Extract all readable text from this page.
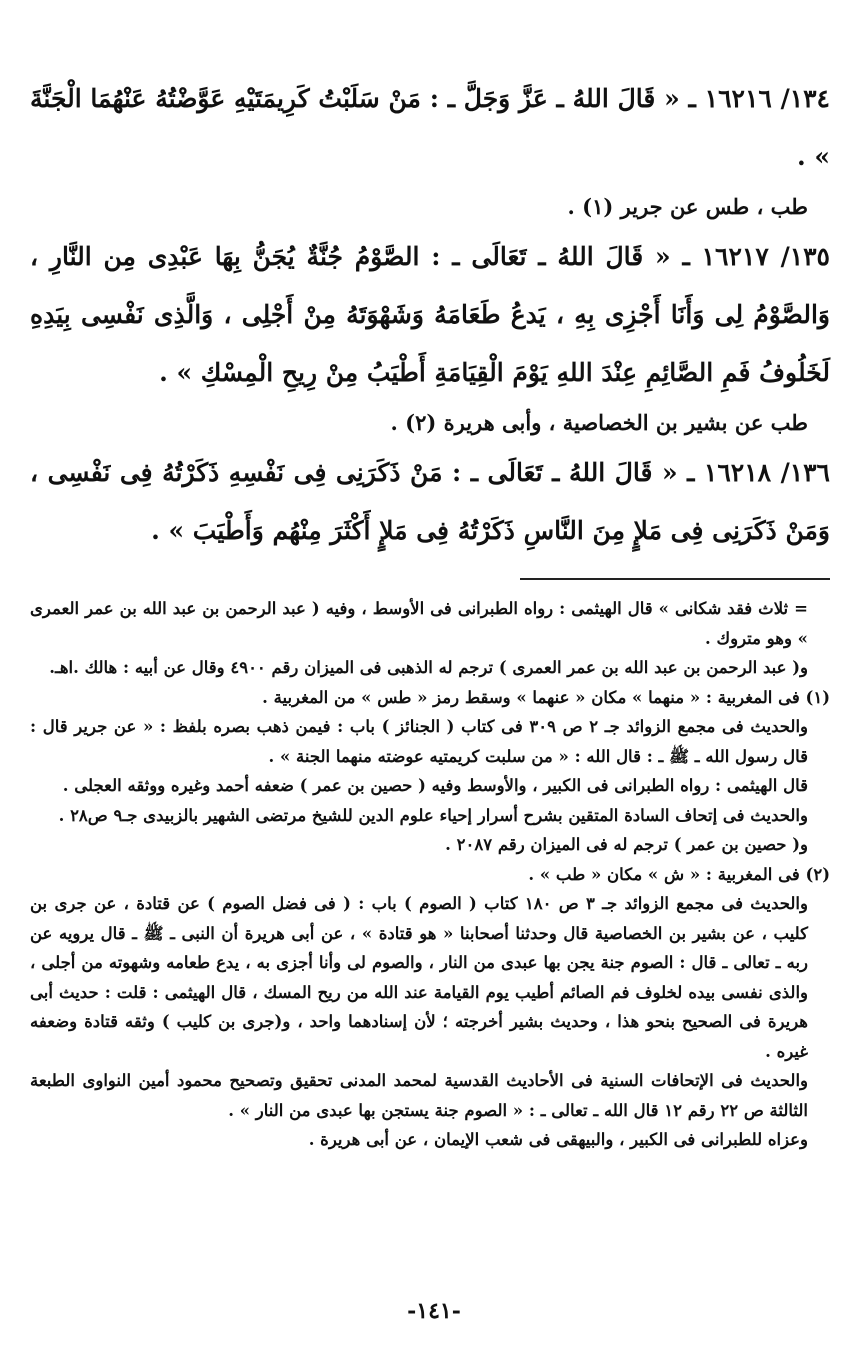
١٣٤/ ١٦٢١٦ ـ « قَالَ اللهُ ـ عَزَّ وَجَلَّ ـ : مَنْ سَلَبْتُ كَرِيمَتَيْهِ عَوَّضْتُهُ عَنْهُمَا الْجَنَّةَ » .

طب ، طس عن جرير (١) .

١٣٥/ ١٦٢١٧ ـ « قَالَ اللهُ ـ تَعَالَى ـ : الصَّوْمُ جُنَّةٌ يُجَنُّ بِهَا عَبْدِى مِن النَّارِ ، وَالصَّوْمُ لِى وَأَنَا أَجْزِى بِهِ ، يَدعُ طَعَامَهُ وَشَهْوَتَهُ مِنْ أَجْلِى ، وَالَّذِى نَفْسِى بِيَدِهِ لَخَلُوفُ فَمِ الصَّائِمِ عِنْدَ اللهِ يَوْمَ الْقِيَامَةِ أَطْيَبُ مِنْ رِيحِ الْمِسْكِ » .

طب عن بشير بن الخصاصية ، وأبى هريرة (٢) .

١٣٦/ ١٦٢١٨ ـ « قَالَ اللهُ ـ تَعَالَى ـ : مَنْ ذَكَرَنِى فِى نَفْسِهِ ذَكَرْتُهُ فِى نَفْسِى ، وَمَنْ ذَكَرَنِى فِى مَلإٍ مِنَ النَّاسِ ذَكَرْتُهُ فِى مَلإٍ أَكْثَرَ مِنْهُم وَأَطْيَبَ » .

= ثلاث فقد شكانى » قال الهيثمى : رواه الطبرانى فى الأوسط ، وفيه ( عبد الرحمن بن عبد الله بن عمر العمرى » وهو متروك .

و( عبد الرحمن بن عبد الله بن عمر العمرى ) ترجم له الذهبى فى الميزان رقم ٤٩٠٠ وقال عن أبيه : هالك .اهـ.

(١) فى المغربية : « منهما » مكان « عنهما » وسقط رمز « طس » من المغربية .

والحديث فى مجمع الزوائد جـ ٢ ص ٣٠٩ فى كتاب ( الجنائز ) باب : فيمن ذهب بصره بلفظ : « عن جرير قال : قال رسول الله ـ ﷺ ـ : قال الله : « من سلبت كريمتيه عوضته منهما الجنة » .

قال الهيثمى : رواه الطبرانى فى الكبير ، والأوسط وفيه ( حصين بن عمر ) ضعفه أحمد وغيره ووثقه العجلى .

والحديث فى إتحاف السادة المتقين بشرح أسرار إحياء علوم الدين للشيخ مرتضى الشهير بالزبيدى جـ٩ ص٢٨ .

و( حصين بن عمر ) ترجم له فى الميزان رقم ٢٠٨٧ .

(٢) فى المغربية : « ش » مكان « طب » .

والحديث فى مجمع الزوائد جـ ٣ ص ١٨٠ كتاب ( الصوم ) باب : ( فى فضل الصوم ) عن قتادة ، عن جرى بن كليب ، عن بشير بن الخصاصية قال وحدثنا أصحابنا « هو قتادة » ، عن أبى هريرة أن النبى ـ ﷺ ـ قال يرويه عن ربه ـ تعالى ـ قال : الصوم جنة يجن بها عبدى من النار ، والصوم لى وأنا أجزى به ، يدع طعامه وشهوته من أجلى ، والذى نفسى بيده لخلوف فم الصائم أطيب يوم القيامة عند الله من ريح المسك ، قال الهيثمى : قلت : حديث أبى هريرة فى الصحيح بنحو هذا ، وحديث بشير أخرجته ؛ لأن إسنادهما واحد ، و(جرى بن كليب ) وثقه قتادة وضعفه غيره .

والحديث فى الإتحافات السنية فى الأحاديث القدسية لمحمد المدنى تحقيق وتصحيح محمود أمين النواوى الطبعة الثالثة ص ٢٢ رقم ١٢ قال الله ـ تعالى ـ : « الصوم جنة يستجن بها عبدى من النار » .

وعزاه للطبرانى فى الكبير ، والبيهقى فى شعب الإيمان ، عن أبى هريرة .

-١٤١-
